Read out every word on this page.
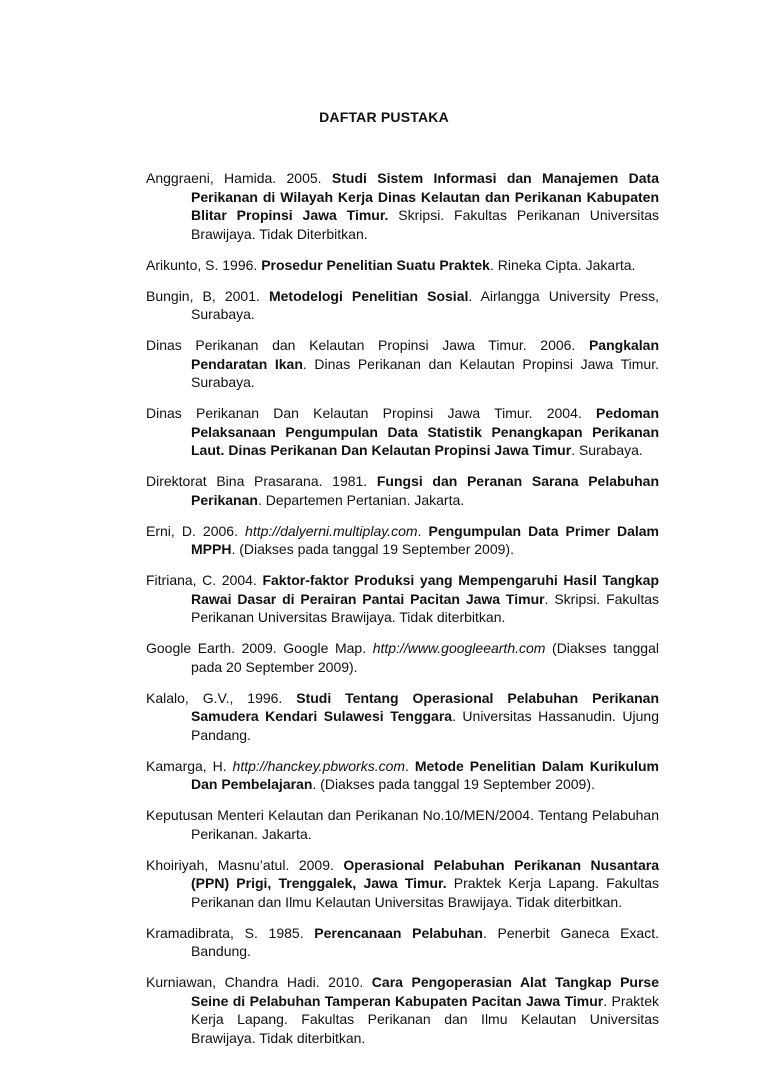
DAFTAR PUSTAKA

Anggraeni, Hamida. 2005. Studi Sistem Informasi dan Manajemen Data Perikanan di Wilayah Kerja Dinas Kelautan dan Perikanan Kabupaten Blitar Propinsi Jawa Timur. Skripsi. Fakultas Perikanan Universitas Brawijaya. Tidak Diterbitkan.

Arikunto, S. 1996. Prosedur Penelitian Suatu Praktek. Rineka Cipta. Jakarta.

Bungin, B, 2001. Metodelogi Penelitian Sosial. Airlangga University Press, Surabaya.

Dinas Perikanan dan Kelautan Propinsi Jawa Timur. 2006. Pangkalan Pendaratan Ikan. Dinas Perikanan dan Kelautan Propinsi Jawa Timur. Surabaya.

Dinas Perikanan Dan Kelautan Propinsi Jawa Timur. 2004. Pedoman Pelaksanaan Pengumpulan Data Statistik Penangkapan Perikanan Laut. Dinas Perikanan Dan Kelautan Propinsi Jawa Timur. Surabaya.

Direktorat Bina Prasarana. 1981. Fungsi dan Peranan Sarana Pelabuhan Perikanan. Departemen Pertanian. Jakarta.

Erni, D. 2006. http://dalyerni.multiplay.com. Pengumpulan Data Primer Dalam MPPH. (Diakses pada tanggal 19 September 2009).

Fitriana, C. 2004. Faktor-faktor Produksi yang Mempengaruhi Hasil Tangkap Rawai Dasar di Perairan Pantai Pacitan Jawa Timur. Skripsi. Fakultas Perikanan Universitas Brawijaya. Tidak diterbitkan.

Google Earth. 2009. Google Map. http://www.googleearth.com (Diakses tanggal pada 20 September 2009).

Kalalo, G.V., 1996. Studi Tentang Operasional Pelabuhan Perikanan Samudera Kendari Sulawesi Tenggara. Universitas Hassanudin. Ujung Pandang.

Kamarga, H. http://hanckey.pbworks.com. Metode Penelitian Dalam Kurikulum Dan Pembelajaran. (Diakses pada tanggal 19 September 2009).

Keputusan Menteri Kelautan dan Perikanan No.10/MEN/2004. Tentang Pelabuhan Perikanan. Jakarta.

Khoiriyah, Masnu’atul. 2009. Operasional Pelabuhan Perikanan Nusantara (PPN) Prigi, Trenggalek, Jawa Timur. Praktek Kerja Lapang. Fakultas Perikanan dan Ilmu Kelautan Universitas Brawijaya. Tidak diterbitkan.

Kramadibrata, S. 1985. Perencanaan Pelabuhan. Penerbit Ganeca Exact. Bandung.

Kurniawan, Chandra Hadi. 2010. Cara Pengoperasian Alat Tangkap Purse Seine di Pelabuhan Tamperan Kabupaten Pacitan Jawa Timur. Praktek Kerja Lapang. Fakultas Perikanan dan Ilmu Kelautan Universitas Brawijaya. Tidak diterbitkan.
